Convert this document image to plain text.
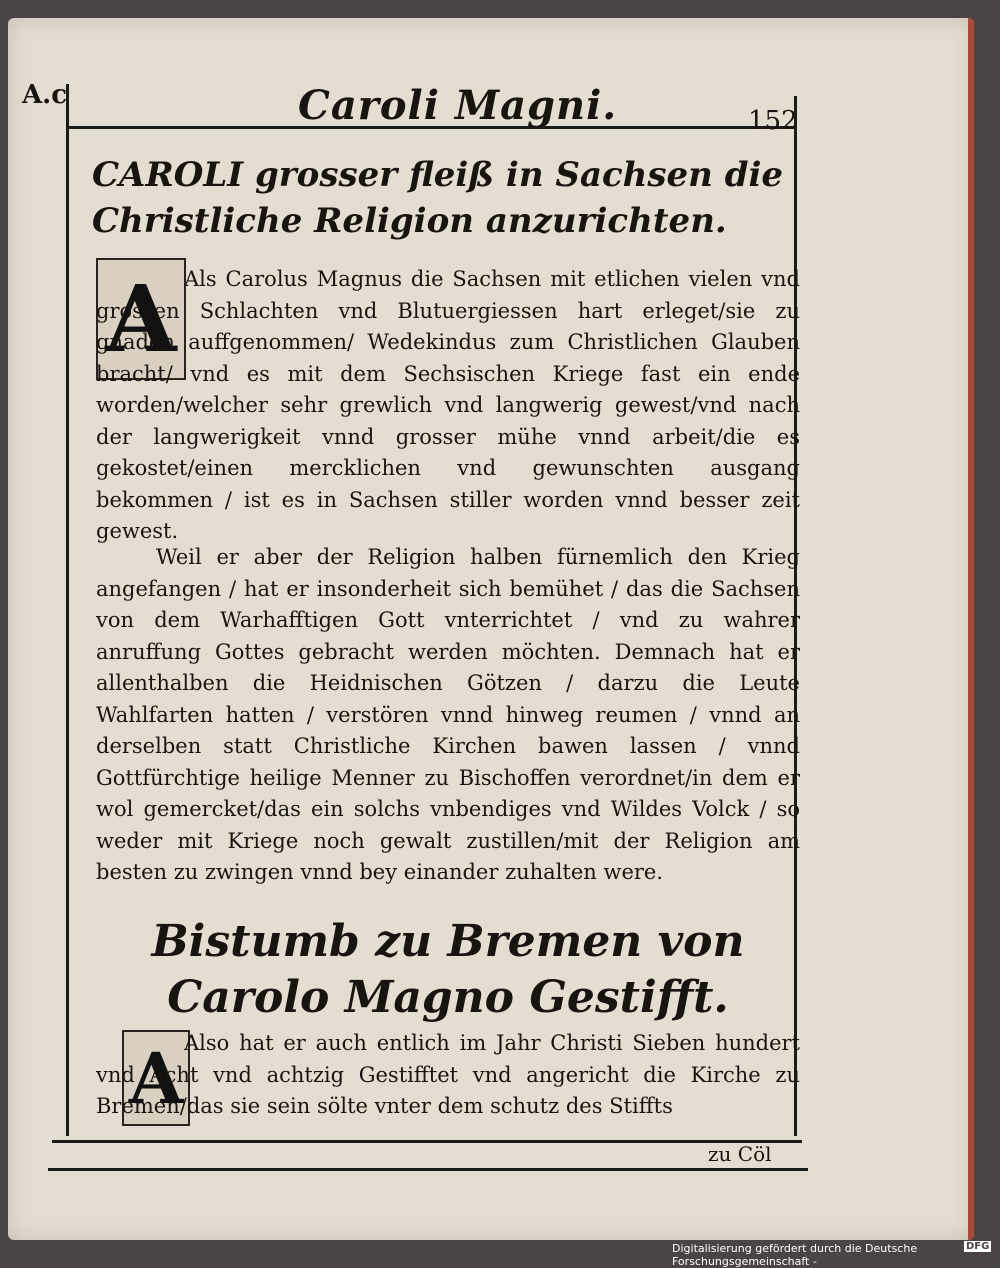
A.c	Caroli Magni.	152
CAROLI grosser fleiß in Sachsen die Christliche Religion anzurichten.
A Als Carolus Magnus die Sachsen mit etlichen vielen vnd grossen Schlachten vnd Blutuergiessen hart erleget/sie zu gnaden auffgenommen/ Wedekindus zum Christlichen Glauben bracht/ vnd es mit dem Sechsischen Kriege fast ein ende worden/welcher sehr grewlich vnd langwerig gewest/vnd nach der langwerigkeit vnnd grosser mühe vnnd arbeit/die es gekostet/einen mercklichen vnd gewunschten ausgang bekommen / ist es in Sachsen stiller worden vnnd besser zeit gewest.
Weil er aber der Religion halben fürnemlich den Krieg angefangen / hat er insonderheit sich bemühet / das die Sachsen von dem Warhafftigen Gott vnterrichtet / vnd zu wahrer anruffung Gottes gebracht werden möchten. Demnach hat er allenthalben die Heidnischen Götzen / darzu die Leute Wahlfarten hatten / verstören vnnd hinweg reumen / vnnd an derselben statt Christliche Kirchen bawen lassen / vnnd Gottfürchtige heilige Menner zu Bischoffen verordnet/in dem er wol gemercket/das ein solchs vnbendiges vnd Wildes Volck / so weder mit Kriege noch gewalt zustillen/mit der Religion am besten zu zwingen vnnd bey einander zuhalten were.
Bistumb zu Bremen von Carolo Magno Gestifft.
A Also hat er auch entlich im Jahr Christi Sieben hundert vnd Acht vnd achtzig Gestifftet vnd angericht die Kirche zu Bremen/das sie sein sölte vnter dem schutz des Stiffts
zu Cöl
Digitalisierung gefördert durch die Deutsche Forschungsgemeinschaft -
DFG
